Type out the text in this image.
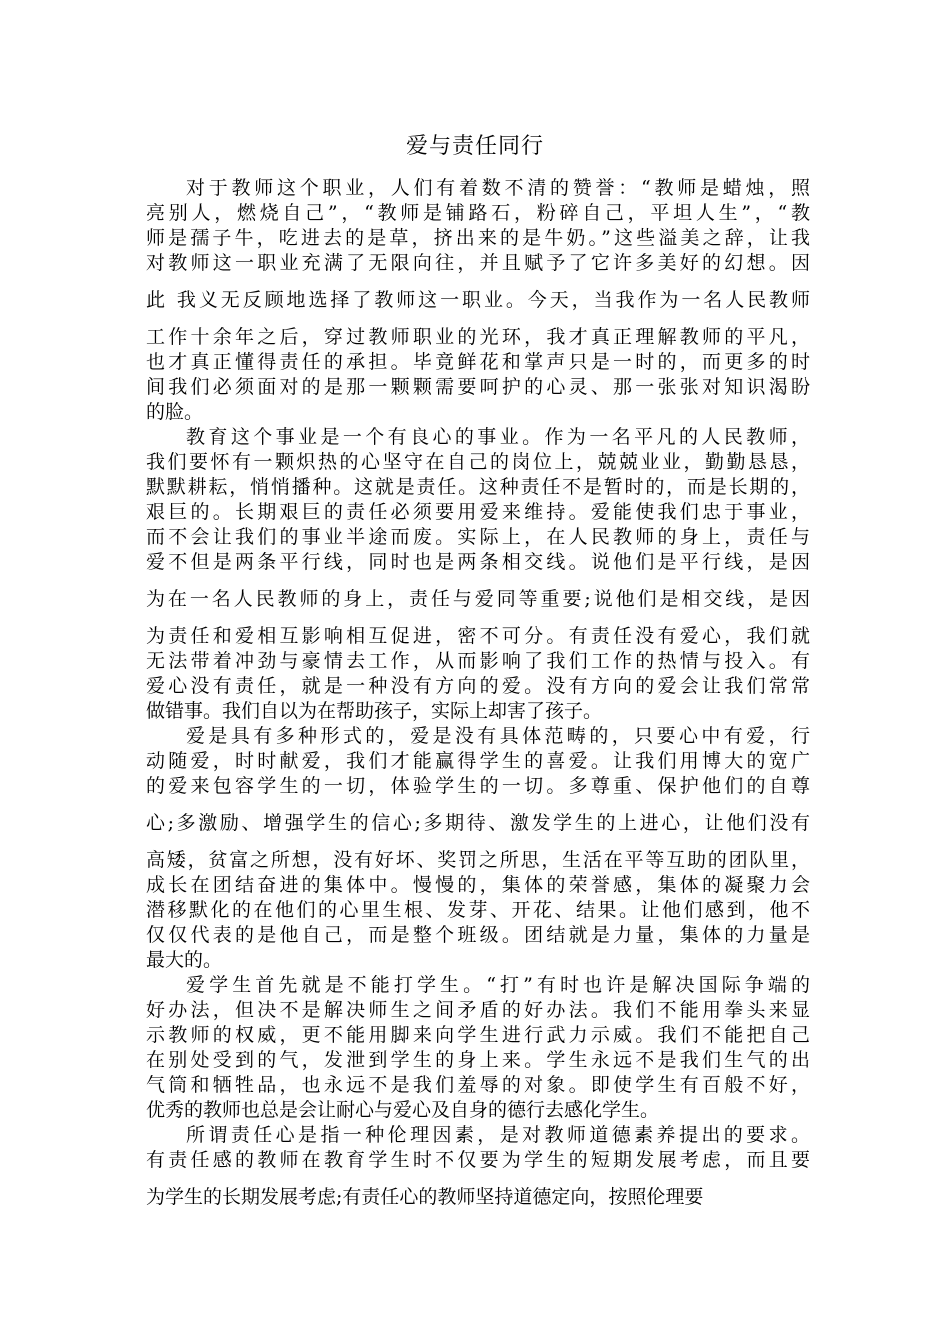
爱与责任同行
对于教师这个职业，人们有着数不清的赞誉：“教师是蜡烛，照
亮别人，燃烧自己”，“教师是铺路石，粉碎自己，平坦人生”，“教
师是孺子牛，吃进去的是草，挤出来的是牛奶。”这些溢美之辞，让我
对教师这一职业充满了无限向往，并且赋予了它许多美好的幻想。因
此 我义无反顾地选择了教师这一职业。今天，当我作为一名人民教师
工作十余年之后，穿过教师职业的光环，我才真正理解教师的平凡，
也才真正懂得责任的承担。毕竟鲜花和掌声只是一时的，而更多的时
间我们必须面对的是那一颗颗需要呵护的心灵、那一张张对知识渴盼
的脸。
教育这个事业是一个有良心的事业。作为一名平凡的人民教师，
我们要怀有一颗炽热的心坚守在自己的岗位上，兢兢业业，勤勤恳恳，
默默耕耘，悄悄播种。这就是责任。这种责任不是暂时的，而是长期的，
艰巨的。长期艰巨的责任必须要用爱来维持。爱能使我们忠于事业，
而不会让我们的事业半途而废。实际上，在人民教师的身上，责任与
爱不但是两条平行线，同时也是两条相交线。说他们是平行线，是因
为在一名人民教师的身上，责任与爱同等重要;说他们是相交线，是因
为责任和爱相互影响相互促进，密不可分。有责任没有爱心，我们就
无法带着冲劲与豪情去工作，从而影响了我们工作的热情与投入。有
爱心没有责任，就是一种没有方向的爱。没有方向的爱会让我们常常
做错事。我们自以为在帮助孩子，实际上却害了孩子。
爱是具有多种形式的，爱是没有具体范畴的，只要心中有爱，行
动随爱，时时献爱，我们才能赢得学生的喜爱。让我们用博大的宽广
的爱来包容学生的一切，体验学生的一切。多尊重、保护他们的自尊
心;多激励、增强学生的信心;多期待、激发学生的上进心，让他们没有
高矮，贫富之所想，没有好坏、奖罚之所思，生活在平等互助的团队里，
成长在团结奋进的集体中。慢慢的，集体的荣誉感，集体的凝聚力会
潜移默化的在他们的心里生根、发芽、开花、结果。让他们感到，他不
仅仅代表的是他自己，而是整个班级。团结就是力量，集体的力量是
最大的。
爱学生首先就是不能打学生。“打”有时也许是解决国际争端的
好办法，但决不是解决师生之间矛盾的好办法。我们不能用拳头来显
示教师的权威，更不能用脚来向学生进行武力示威。我们不能把自己
在别处受到的气，发泄到学生的身上来。学生永远不是我们生气的出
气筒和牺牲品，也永远不是我们羞辱的对象。即使学生有百般不好，
优秀的教师也总是会让耐心与爱心及自身的德行去感化学生。
所谓责任心是指一种伦理因素，是对教师道德素养提出的要求。
有责任感的教师在教育学生时不仅要为学生的短期发展考虑，而且要
为学生的长期发展考虑;有责任心的教师坚持道德定向，按照伦理要
